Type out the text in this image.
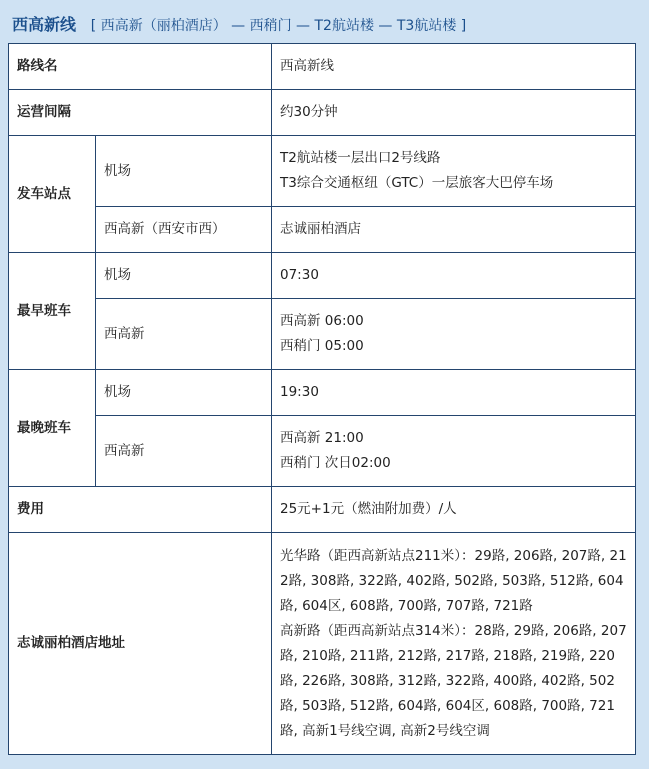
西高新线 [ 西高新（丽柏酒店） — 西稍门 — T2航站楼 — T3航站楼 ]
路线名		西高新线
运营间隔		约30分钟
发车站点	机场	T2航站楼一层出口2号线路
T3综合交通枢纽（GTC）一层旅客大巴停车场

	西高新（西安市西）	志诚丽柏酒店
最早班车	机场	07:30
	西高新	西高新 06:00
西稍门 05:00

最晚班车	机场	19:30
	西高新	西高新 21:00
西稍门 次日02:00

费用		25元+1元（燃油附加费）/人
志诚丽柏酒店地址		光华路（距西高新站点211米）：29路, 206路, 207路, 212路, 308路, 322路, 402路, 502路, 503路, 512路, 604路, 604区, 608路, 700路, 707路, 721路
高新路（距西高新站点314米）：28路, 29路, 206路, 207路, 210路, 211路, 212路, 217路, 218路, 219路, 220路, 226路, 308路, 312路, 322路, 400路, 402路, 502路, 503路, 512路, 604路, 604区, 608路, 700路, 721路, 高新1号线空调, 高新2号线空调
